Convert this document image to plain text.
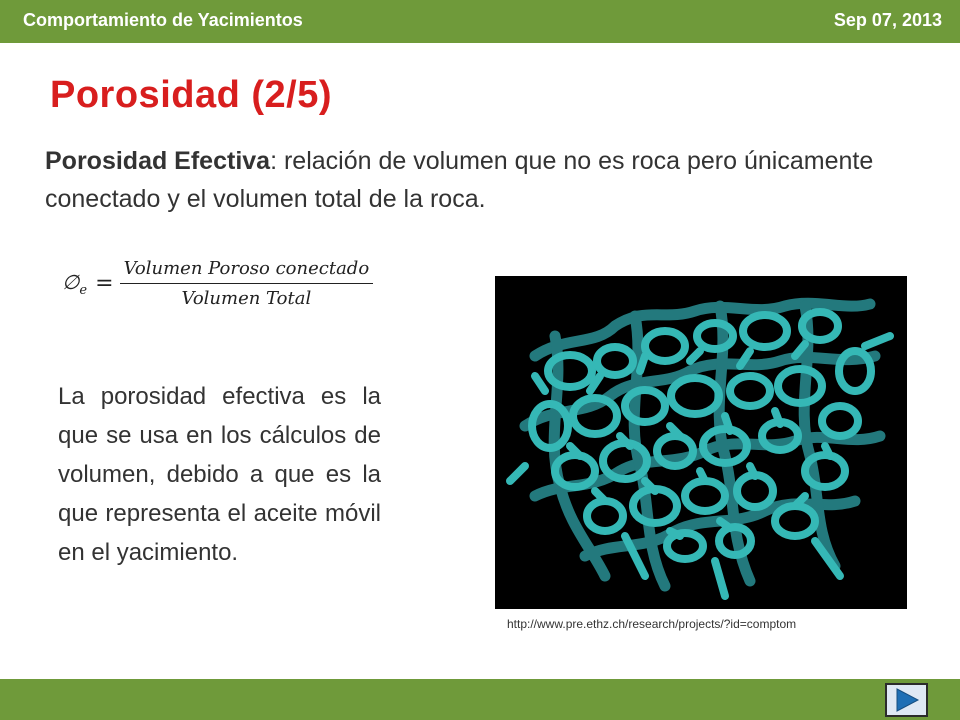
Comportamiento de Yacimientos	Sep 07, 2013
Porosidad (2/5)
Porosidad Efectiva: relación de volumen que no es roca pero únicamente conectado y el volumen total de la roca.
$\emptyset_e = \frac{\text{Volumen Poroso conectado}}{\text{Volumen Total}}$
La porosidad efectiva es la que se usa en los cálculos de volumen, debido a que es la que representa el aceite móvil en el yacimiento.
http://www.pre.ethz.ch/research/projects/?id=comptom
